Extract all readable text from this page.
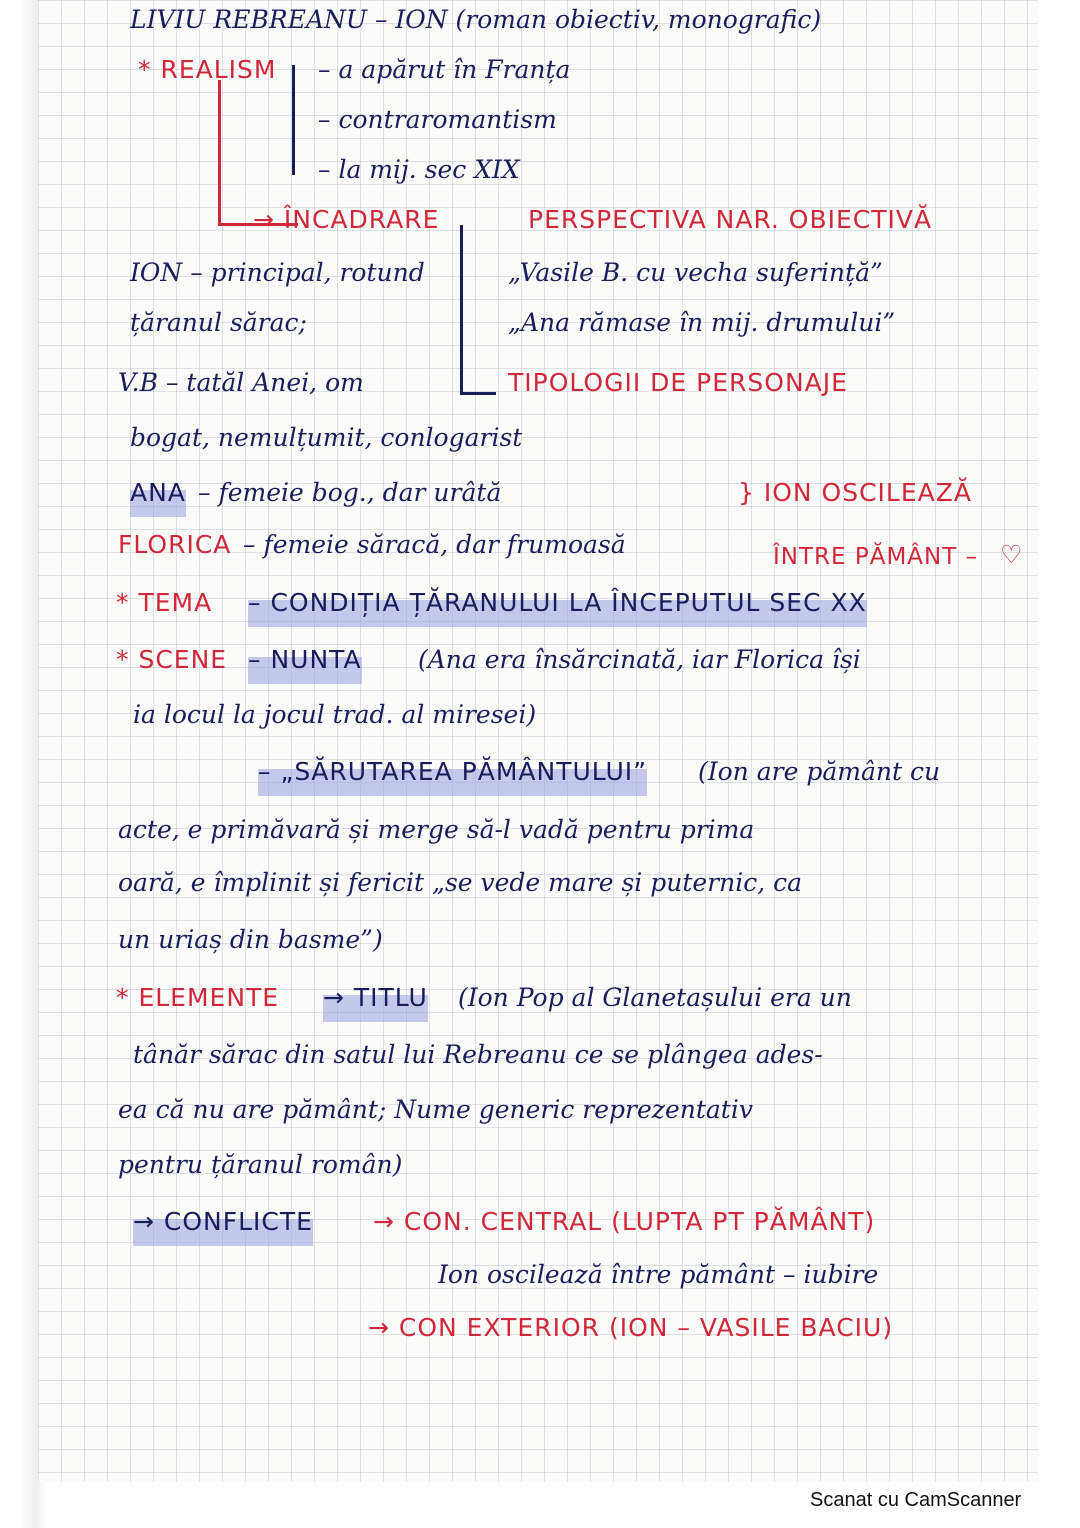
LIVIU REBREANU – ION (roman obiectiv, monografic)
* REALISM – a apărut în Franța
– contraromantism
– la mij. sec XIX
→ ÎNCADRARE	PERSPECTIVA NAR. OBIECTIVĂ
ION – principal, rotund	„Vasile B. cu vecha suferință”
țăranul sărac;	„Ana rămase în mij. drumului”
V.B – tatăl Anei, om	TIPOLOGII DE PERSONAJE
bogat, nemulțumit, conlogarist
ANA – femeie bog., dar urâtă	} ION OSCILEAZĂ
FLORICA – femeie săracă, dar frumoasă	ÎNTRE PĂMÂNT – ♡
* TEMA – CONDIȚIA ȚĂRANULUI LA ÎNCEPUTUL SEC XX
* SCENE – NUNTA (Ana era însărcinată, iar Florica își
ia locul la jocul trad. al miresei)
– „SĂRUTAREA PĂMÂNTULUI” (Ion are pământ cu
acte, e primăvară și merge să-l vadă pentru prima
oară, e împlinit și fericit „se vede mare și puternic, ca
un uriaș din basme”)
* ELEMENTE → TITLU (Ion Pop al Glanetașului era un
tânăr sărac din satul lui Rebreanu ce se plângea ades-
ea că nu are pământ; Nume generic reprezentativ
pentru țăranul român)
→ CONFLICTE → CON. CENTRAL (LUPTA PT PĂMÂNT)
Ion oscilează între pământ – iubire
→ CON EXTERIOR (ION – VASILE BACIU)
Scanat cu CamScanner
